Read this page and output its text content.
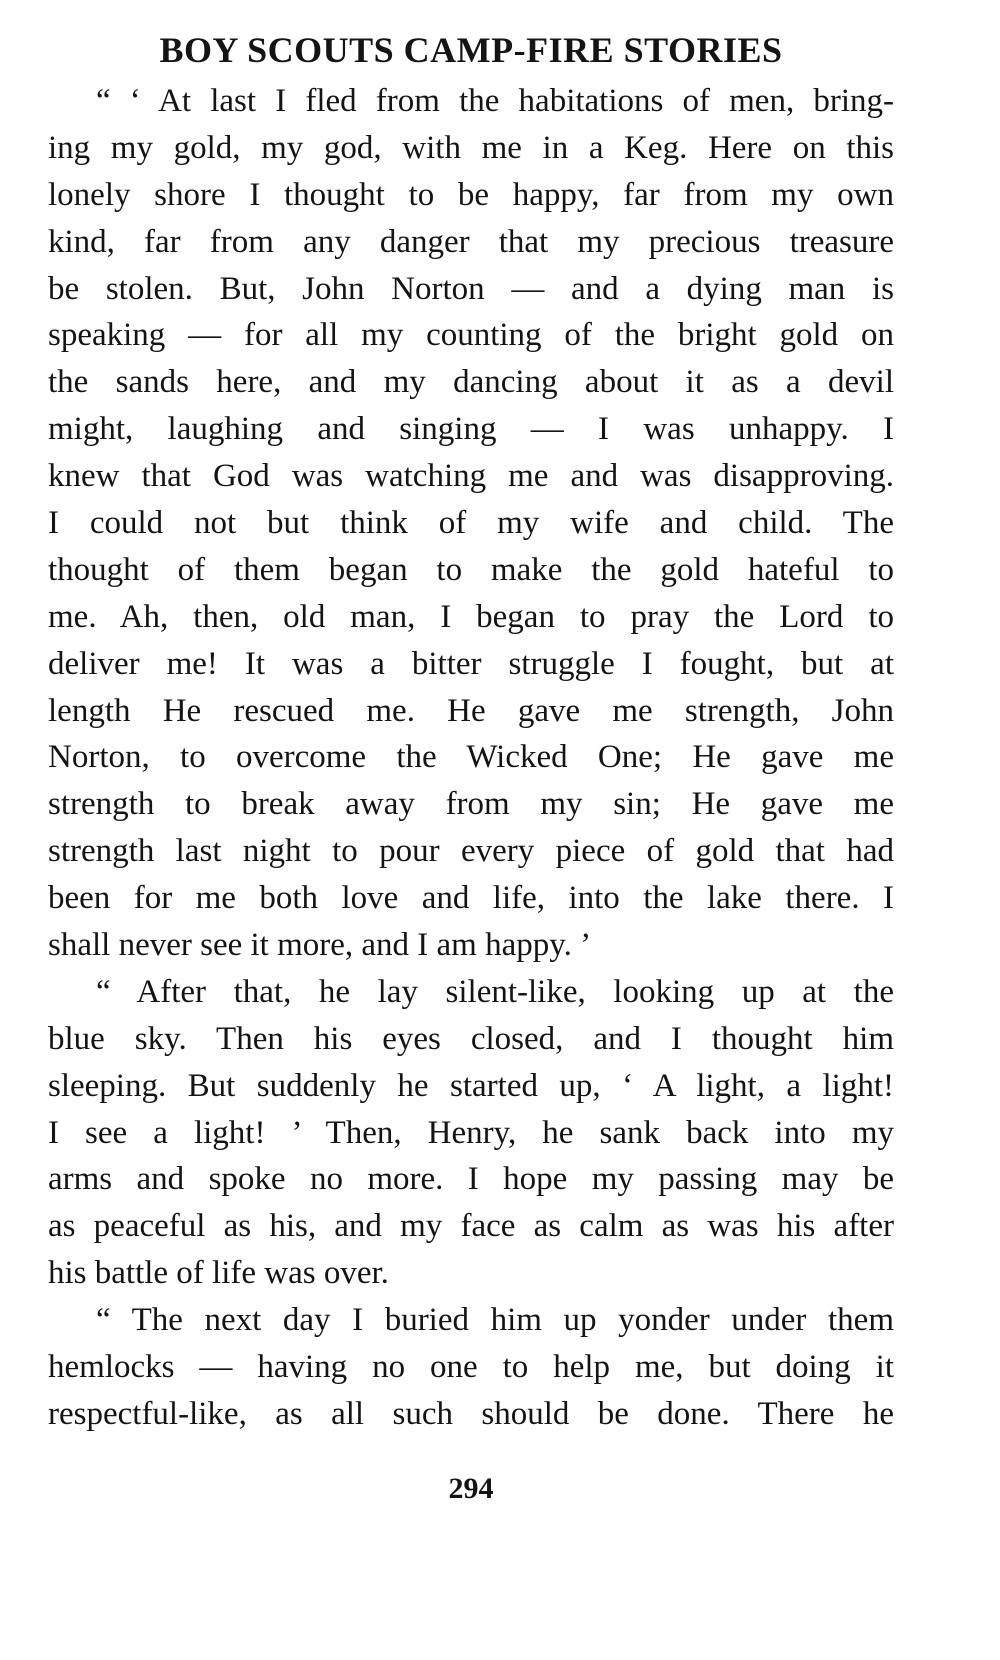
BOY SCOUTS CAMP-FIRE STORIES
“ ‘ At last I fled from the habitations of men, bring-
ing my gold, my god, with me in a Keg. Here on this
lonely shore I thought to be happy, far from my own
kind, far from any danger that my precious treasure
be stolen. But, John Norton — and a dying man is
speaking — for all my counting of the bright gold on
the sands here, and my dancing about it as a devil
might, laughing and singing — I was unhappy. I
knew that God was watching me and was disapproving.
I could not but think of my wife and child. The
thought of them began to make the gold hateful to
me. Ah, then, old man, I began to pray the Lord to
deliver me! It was a bitter struggle I fought, but at
length He rescued me. He gave me strength, John
Norton, to overcome the Wicked One; He gave me
strength to break away from my sin; He gave me
strength last night to pour every piece of gold that had
been for me both love and life, into the lake there. I
shall never see it more, and I am happy. ’
“ After that, he lay silent-like, looking up at the
blue sky. Then his eyes closed, and I thought him
sleeping. But suddenly he started up, ‘ A light, a light!
I see a light! ’ Then, Henry, he sank back into my
arms and spoke no more. I hope my passing may be
as peaceful as his, and my face as calm as was his after
his battle of life was over.
“ The next day I buried him up yonder under them
hemlocks — having no one to help me, but doing it
respectful-like, as all such should be done. There he
294
